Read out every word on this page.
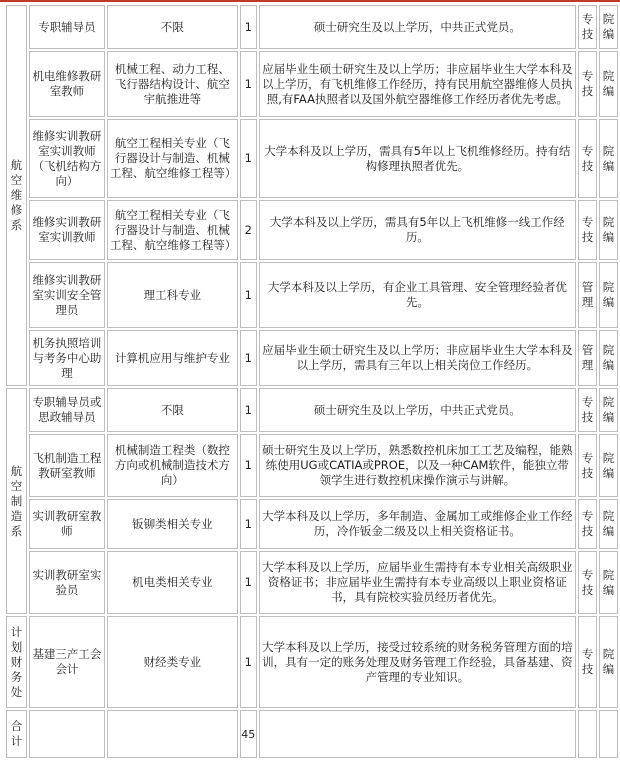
航空维修系	专职辅导员	不限	1	硕士研究生及以上学历，中共正式党员。	专技	院编
	机电维修教研室教师	机械工程、动力工程、飞行器结构设计、航空宇航推进等	1	应届毕业生硕士研究生及以上学历；非应届毕业生大学本科及以上学历，有飞机维修工作经历，持有民用航空器维修人员执照,有FAA执照者以及国外航空器维修工作经历者优先考虑。	专技	院编
	维修实训教研室实训教师（飞机结构方向）	航空工程相关专业（飞行器设计与制造、机械工程、航空维修工程等）	1	大学本科及以上学历，需具有5年以上飞机维修经历。持有结构修理执照者优先。	专技	院编
	维修实训教研室实训教师	航空工程相关专业（飞行器设计与制造、机械工程、航空维修工程等）	2	大学本科及以上学历，需具有5年以上飞机维修一线工作经历。	专技	院编
	维修实训教研室实训安全管理员	理工科专业	1	大学本科及以上学历，有企业工具管理、安全管理经验者优先。	管理	院编
	机务执照培训与考务中心助理	计算机应用与维护专业	1	应届毕业生硕士研究生及以上学历；非应届毕业生大学本科及以上学历，需具有三年以上相关岗位工作经历。	管理	院编
航空制造系	专职辅导员或思政辅导员	不限	1	硕士研究生及以上学历，中共正式党员。	专技	院编
	飞机制造工程教研室教师	机械制造工程类（数控方向或机械制造技术方向）	1	硕士研究生及以上学历，熟悉数控机床加工工艺及编程，能熟练使用UG或CATIA或PROE，以及一种CAM软件，能独立带领学生进行数控机床操作演示与讲解。	专技	院编
	实训教研室教师	钣铆类相关专业	1	大学本科及以上学历，多年制造、金属加工或维修企业工作经历，冷作钣金二级及以上相关资格证书。	专技	院编
	实训教研室实验员	机电类相关专业	1	大学本科及以上学历，应届毕业生需持有本专业相关高级职业资格证书；非应届毕业生需持有本专业高级以上职业资格证书，具有院校实验员经历者优先。	专技	院编
计划财务处	基建三产工会会计	财经类专业	1	大学本科及以上学历，接受过较系统的财务税务管理方面的培训，具有一定的账务处理及财务管理工作经验，具备基建、资产管理的专业知识。	专技	院编
合计			45			
